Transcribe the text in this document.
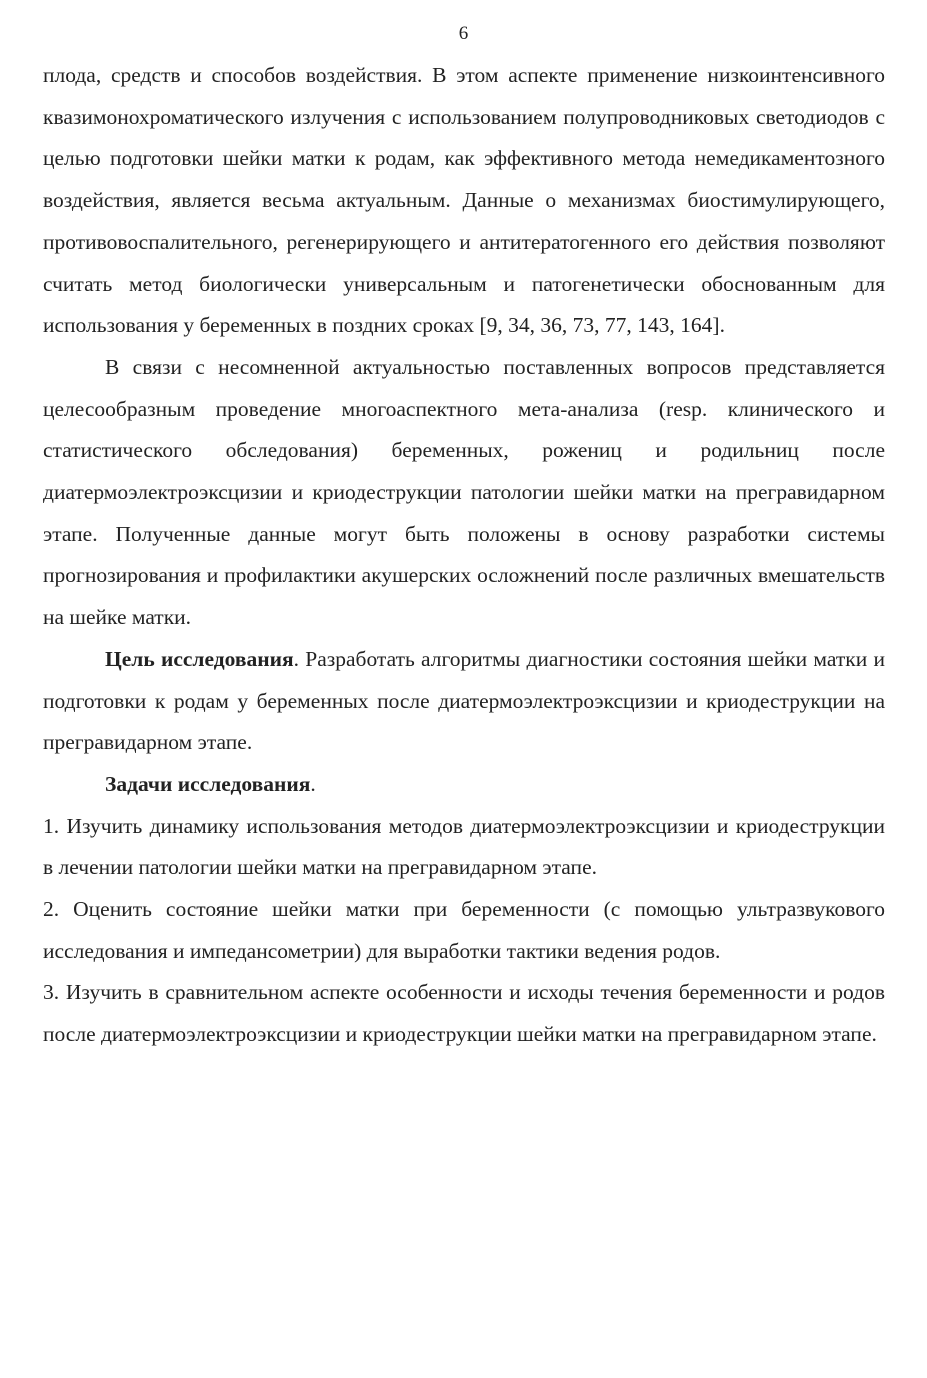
6

плода, средств и способов воздействия. В этом аспекте применение низкоинтенсивного квазимонохроматического излучения с использованием полупроводниковых светодиодов с целью подготовки шейки матки к родам, как эффективного метода немедикаментозного воздействия, является весьма актуальным. Данные о механизмах биостимулирующего, противовоспалительного, регенерирующего и антитератогенного его действия позволяют считать метод биологически универсальным и патогенетически обоснованным для использования у беременных в поздних сроках [9, 34, 36, 73, 77, 143, 164].

В связи с несомненной актуальностью поставленных вопросов представляется целесообразным проведение многоаспектного мета-анализа (resp. клинического и статистического обследования) беременных, рожениц и родильниц после диатермоэлектроэксцизии и криодеструкции патологии шейки матки на прегравидарном этапе. Полученные данные могут быть положены в основу разработки системы прогнозирования и профилактики акушерских осложнений после различных вмешательств на шейке матки.

Цель исследования. Разработать алгоритмы диагностики состояния шейки матки и подготовки к родам у беременных после диатермоэлектроэксцизии и криодеструкции на прегравидарном этапе.

Задачи исследования.

1. Изучить динамику использования методов диатермоэлектроэксцизии и криодеструкции в лечении патологии шейки матки на прегравидарном этапе.

2. Оценить состояние шейки матки при беременности (с помощью ультразвукового исследования и импедансометрии) для выработки тактики ведения родов.

3. Изучить в сравнительном аспекте особенности и исходы течения беременности и родов после диатермоэлектроэксцизии и криодеструкции шейки матки на прегравидарном этапе.
